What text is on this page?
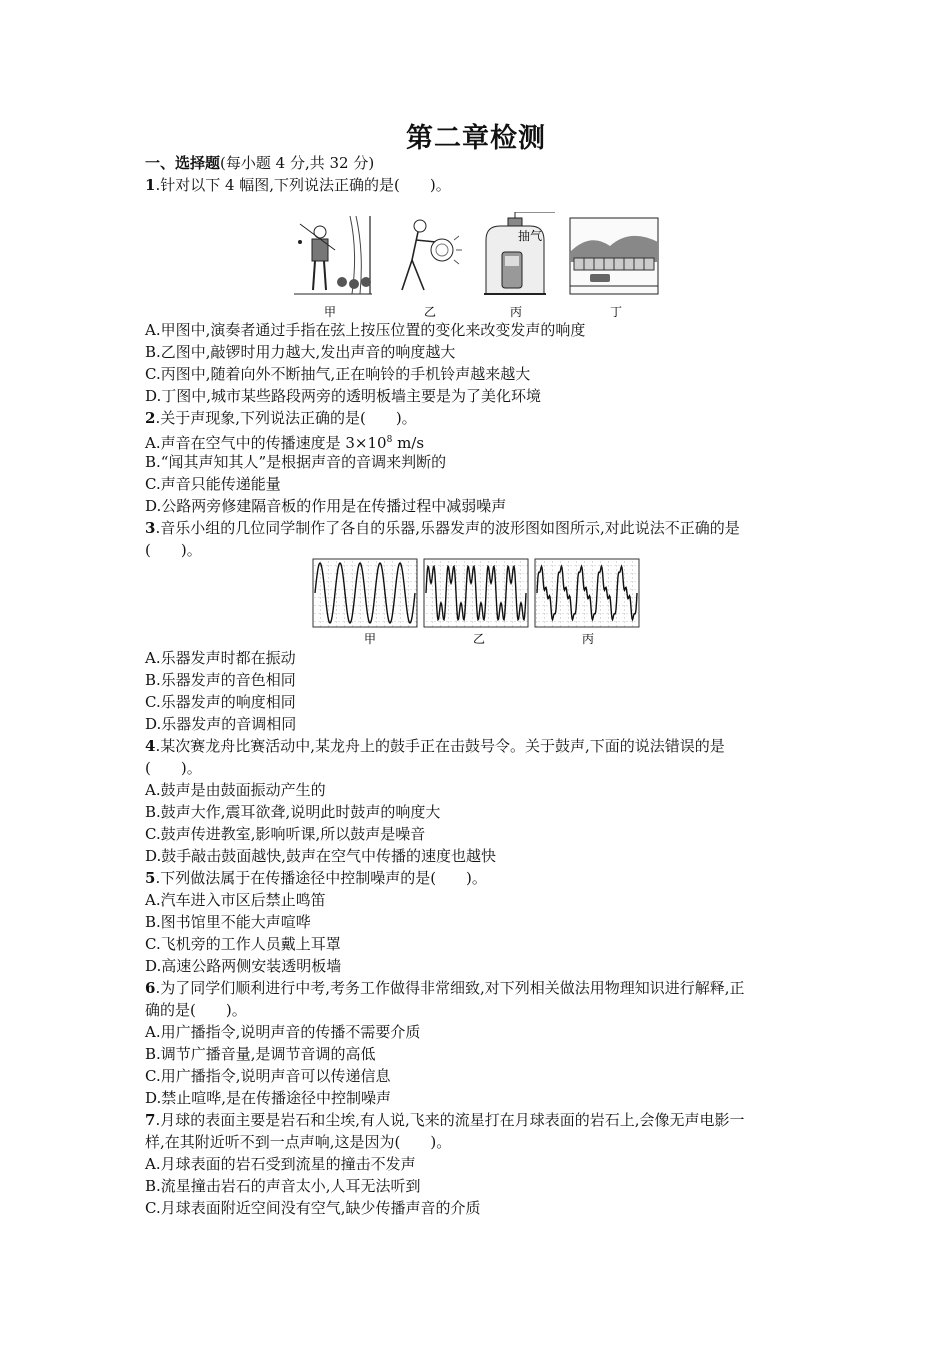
第二章检测
一、选择题(每小题 4 分,共 32 分)
1.针对以下 4 幅图,下列说法正确的是(　　)。
抽气
甲	乙	丙	丁
A.甲图中,演奏者通过手指在弦上按压位置的变化来改变发声的响度
B.乙图中,敲锣时用力越大,发出声音的响度越大
C.丙图中,随着向外不断抽气,正在响铃的手机铃声越来越大
D.丁图中,城市某些路段两旁的透明板墙主要是为了美化环境
2.关于声现象,下列说法正确的是(　　)。
A.声音在空气中的传播速度是 $3\times 10^8$ m/s
B.“闻其声知其人”是根据声音的音调来判断的
C.声音只能传递能量
D.公路两旁修建隔音板的作用是在传播过程中减弱噪声
3.音乐小组的几位同学制作了各自的乐器,乐器发声的波形图如图所示,对此说法不正确的是
(　　)。
甲	乙	丙
A.乐器发声时都在振动
B.乐器发声的音色相同
C.乐器发声的响度相同
D.乐器发声的音调相同
4.某次赛龙舟比赛活动中,某龙舟上的鼓手正在击鼓号令。关于鼓声,下面的说法错误的是
(　　)。
A.鼓声是由鼓面振动产生的
B.鼓声大作,震耳欲聋,说明此时鼓声的响度大
C.鼓声传进教室,影响听课,所以鼓声是噪音
D.鼓手敲击鼓面越快,鼓声在空气中传播的速度也越快
5.下列做法属于在传播途径中控制噪声的是(　　)。
A.汽车进入市区后禁止鸣笛
B.图书馆里不能大声喧哗
C.飞机旁的工作人员戴上耳罩
D.高速公路两侧安装透明板墙
6.为了同学们顺利进行中考,考务工作做得非常细致,对下列相关做法用物理知识进行解释,正
确的是(　　)。
A.用广播指令,说明声音的传播不需要介质
B.调节广播音量,是调节音调的高低
C.用广播指令,说明声音可以传递信息
D.禁止喧哗,是在传播途径中控制噪声
7.月球的表面主要是岩石和尘埃,有人说,飞来的流星打在月球表面的岩石上,会像无声电影一
样,在其附近听不到一点声响,这是因为(　　)。
A.月球表面的岩石受到流星的撞击不发声
B.流星撞击岩石的声音太小,人耳无法听到
C.月球表面附近空间没有空气,缺少传播声音的介质
